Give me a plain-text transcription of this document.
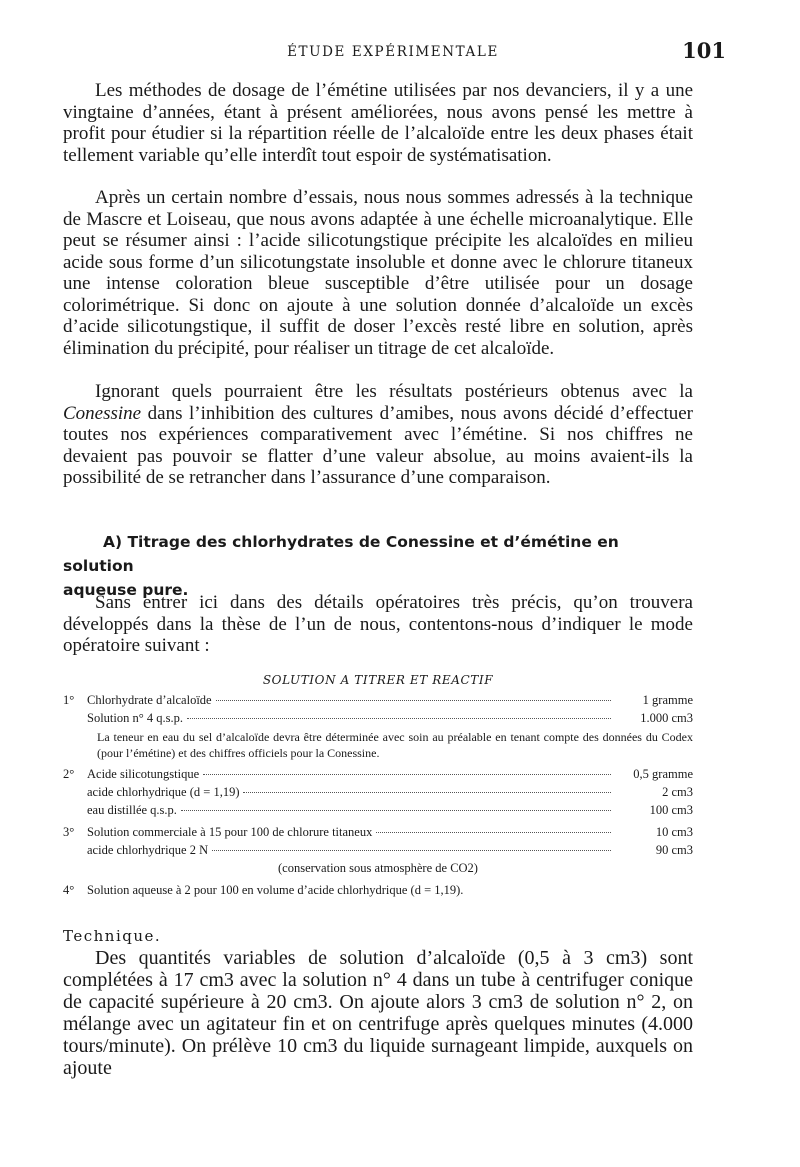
ÉTUDE EXPÉRIMENTALE	101

Les méthodes de dosage de l’émétine utilisées par nos devanciers, il y a une vingtaine d’années, étant à présent améliorées, nous avons pensé les mettre à profit pour étudier si la répartition réelle de l’alcaloïde entre les deux phases était tellement variable qu’elle interdît tout espoir de systématisation.

Après un certain nombre d’essais, nous nous sommes adressés à la technique de Mascre et Loiseau, que nous avons adaptée à une échelle microanalytique. Elle peut se résumer ainsi : l’acide silicotungstique précipite les alcaloïdes en milieu acide sous forme d’un silicotungstate insoluble et donne avec le chlorure titaneux une intense coloration bleue susceptible d’être utilisée pour un dosage colorimétrique. Si donc on ajoute à une solution donnée d’alcaloïde un excès d’acide silicotungstique, il suffit de doser l’excès resté libre en solution, après élimination du précipité, pour réaliser un titrage de cet alcaloïde.

Ignorant quels pourraient être les résultats postérieurs obtenus avec la Conessine dans l’inhibition des cultures d’amibes, nous avons décidé d’effectuer toutes nos expériences comparativement avec l’émétine. Si nos chiffres ne devaient pas pouvoir se flatter d’une valeur absolue, au moins avaient-ils la possibilité de se retrancher dans l’assurance d’une comparaison.

A) Titrage des chlorhydrates de Conessine et d’émétine en solution
aqueuse pure.

Sans entrer ici dans des détails opératoires très précis, qu’on trouvera développés dans la thèse de l’un de nous, contentons-nous d’indiquer le mode opératoire suivant :

SOLUTION A TITRER ET REACTIF
1°	Chlorhydrate d’alcaloïde	1 gramme
Solution n° 4 q.s.p.	1.000 cm3
La teneur en eau du sel d’alcaloïde devra être déterminée avec soin au préalable en tenant compte des données du Codex (pour l’émétine) et des chiffres officiels pour la Conessine.
2°	Acide silicotungstique	0,5 gramme
acide chlorhydrique (d = 1,19)	2 cm3
eau distillée q.s.p.	100 cm3
3°	Solution commerciale à 15 pour 100 de chlorure titaneux	10 cm3
acide chlorhydrique 2 N	90 cm3
(conservation sous atmosphère de CO2)
4° Solution aqueuse à 2 pour 100 en volume d’acide chlorhydrique (d = 1,19).
Technique.

Des quantités variables de solution d’alcaloïde (0,5 à 3 cm3) sont complétées à 17 cm3 avec la solution n° 4 dans un tube à centrifuger conique de capacité supérieure à 20 cm3. On ajoute alors 3 cm3 de solution n° 2, on mélange avec un agitateur fin et on centrifuge après quelques minutes (4.000 tours/minute). On prélève 10 cm3 du liquide surnageant limpide, auxquels on ajoute
